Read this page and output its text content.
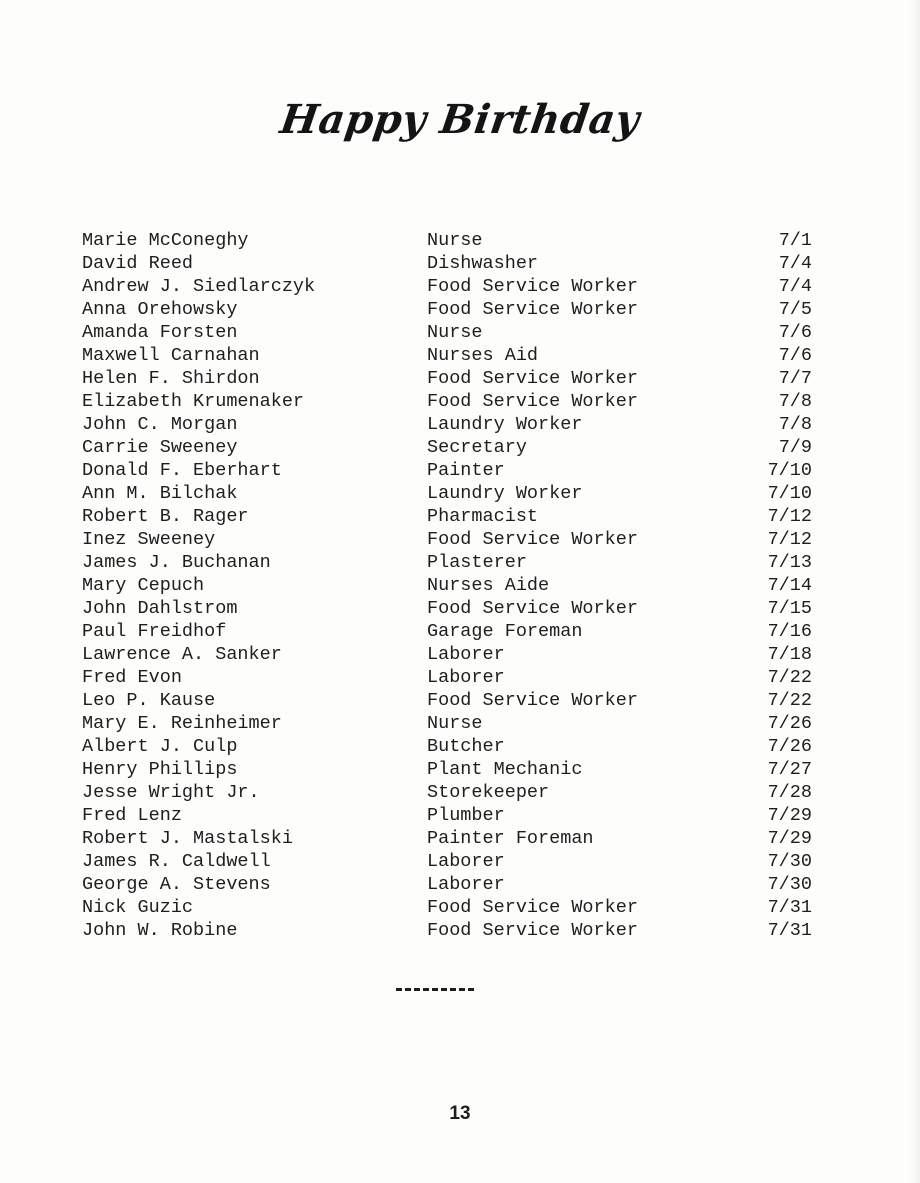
Happy Birthday
Marie McConeghy	Nurse	7/1
David Reed	Dishwasher	7/4
Andrew J. Siedlarczyk	Food Service Worker	7/4
Anna Orehowsky	Food Service Worker	7/5
Amanda Forsten	Nurse	7/6
Maxwell Carnahan	Nurses Aid	7/6
Helen F. Shirdon	Food Service Worker	7/7
Elizabeth Krumenaker	Food Service Worker	7/8
John C. Morgan	Laundry Worker	7/8
Carrie Sweeney	Secretary	7/9
Donald F. Eberhart	Painter	7/10
Ann M. Bilchak	Laundry Worker	7/10
Robert B. Rager	Pharmacist	7/12
Inez Sweeney	Food Service Worker	7/12
James J. Buchanan	Plasterer	7/13
Mary Cepuch	Nurses Aide	7/14
John Dahlstrom	Food Service Worker	7/15
Paul Freidhof	Garage Foreman	7/16
Lawrence A. Sanker	Laborer	7/18
Fred Evon	Laborer	7/22
Leo P. Kause	Food Service Worker	7/22
Mary E. Reinheimer	Nurse	7/26
Albert J. Culp	Butcher	7/26
Henry Phillips	Plant Mechanic	7/27
Jesse Wright Jr.	Storekeeper	7/28
Fred Lenz	Plumber	7/29
Robert J. Mastalski	Painter Foreman	7/29
James R. Caldwell	Laborer	7/30
George A. Stevens	Laborer	7/30
Nick Guzic	Food Service Worker	7/31
John W. Robine	Food Service Worker	7/31
13
